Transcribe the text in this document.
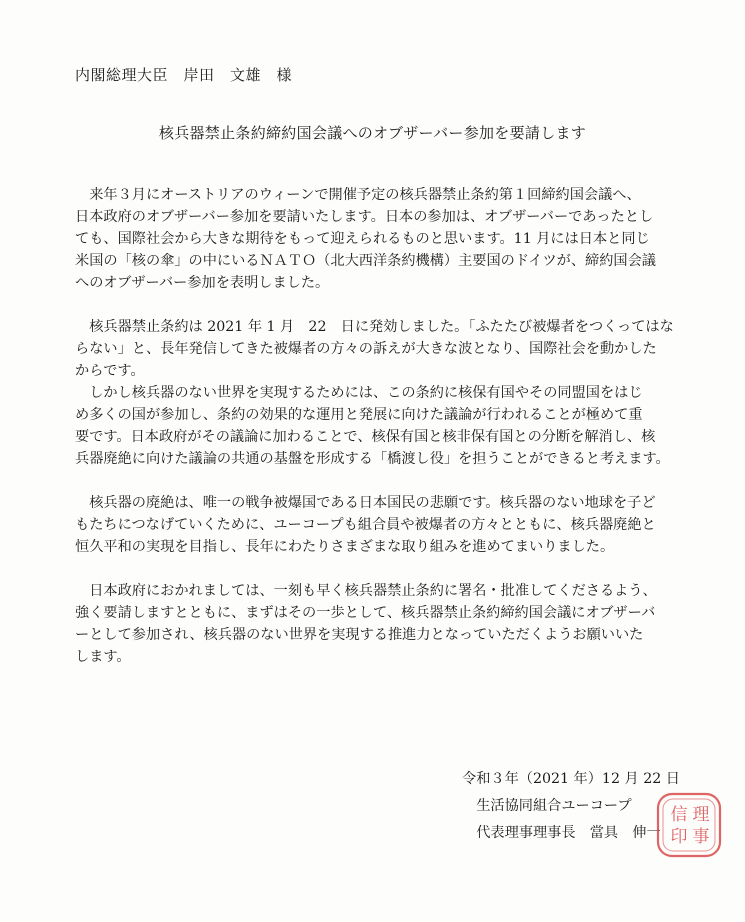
内閣総理大臣　岸田　文雄　様
核兵器禁止条約締約国会議へのオブザーバー参加を要請します
　来年３月にオーストリアのウィーンで開催予定の核兵器禁止条約第１回締約国会議へ、
日本政府のオブザーバー参加を要請いたします。日本の参加は、オブザーバーであったとし
ても、国際社会から大きな期待をもって迎えられるものと思います。11 月には日本と同じ
米国の「核の傘」の中にいるＮＡＴＯ（北大西洋条約機構）主要国のドイツが、締約国会議
へのオブザーバー参加を表明しました。
　核兵器禁止条約は 2021 年 1 月　22　日に発効しました。「ふたたび被爆者をつくってはな
らない」と、長年発信してきた被爆者の方々の訴えが大きな波となり、国際社会を動かした
からです。
　しかし核兵器のない世界を実現するためには、この条約に核保有国やその同盟国をはじ
め多くの国が参加し、条約の効果的な運用と発展に向けた議論が行われることが極めて重
要です。日本政府がその議論に加わることで、核保有国と核非保有国との分断を解消し、核
兵器廃絶に向けた議論の共通の基盤を形成する「橋渡し役」を担うことができると考えます。
　核兵器の廃絶は、唯一の戦争被爆国である日本国民の悲願です。核兵器のない地球を子ど
もたちにつなげていくために、ユーコープも組合員や被爆者の方々とともに、核兵器廃絶と
恒久平和の実現を目指し、長年にわたりさまざまな取り組みを進めてまいりました。
　日本政府におかれましては、一刻も早く核兵器禁止条約に署名・批准してくださるよう、
強く要請しますとともに、まずはその一歩として、核兵器禁止条約締約国会議にオブザーバ
ーとして参加され、核兵器のない世界を実現する推進力となっていただくようお願いいた
します。
令和３年（2021 年）12 月 22 日
　生活協同組合ユーコープ
　代表理事理事長　當具　伸一
理
事
信
印
